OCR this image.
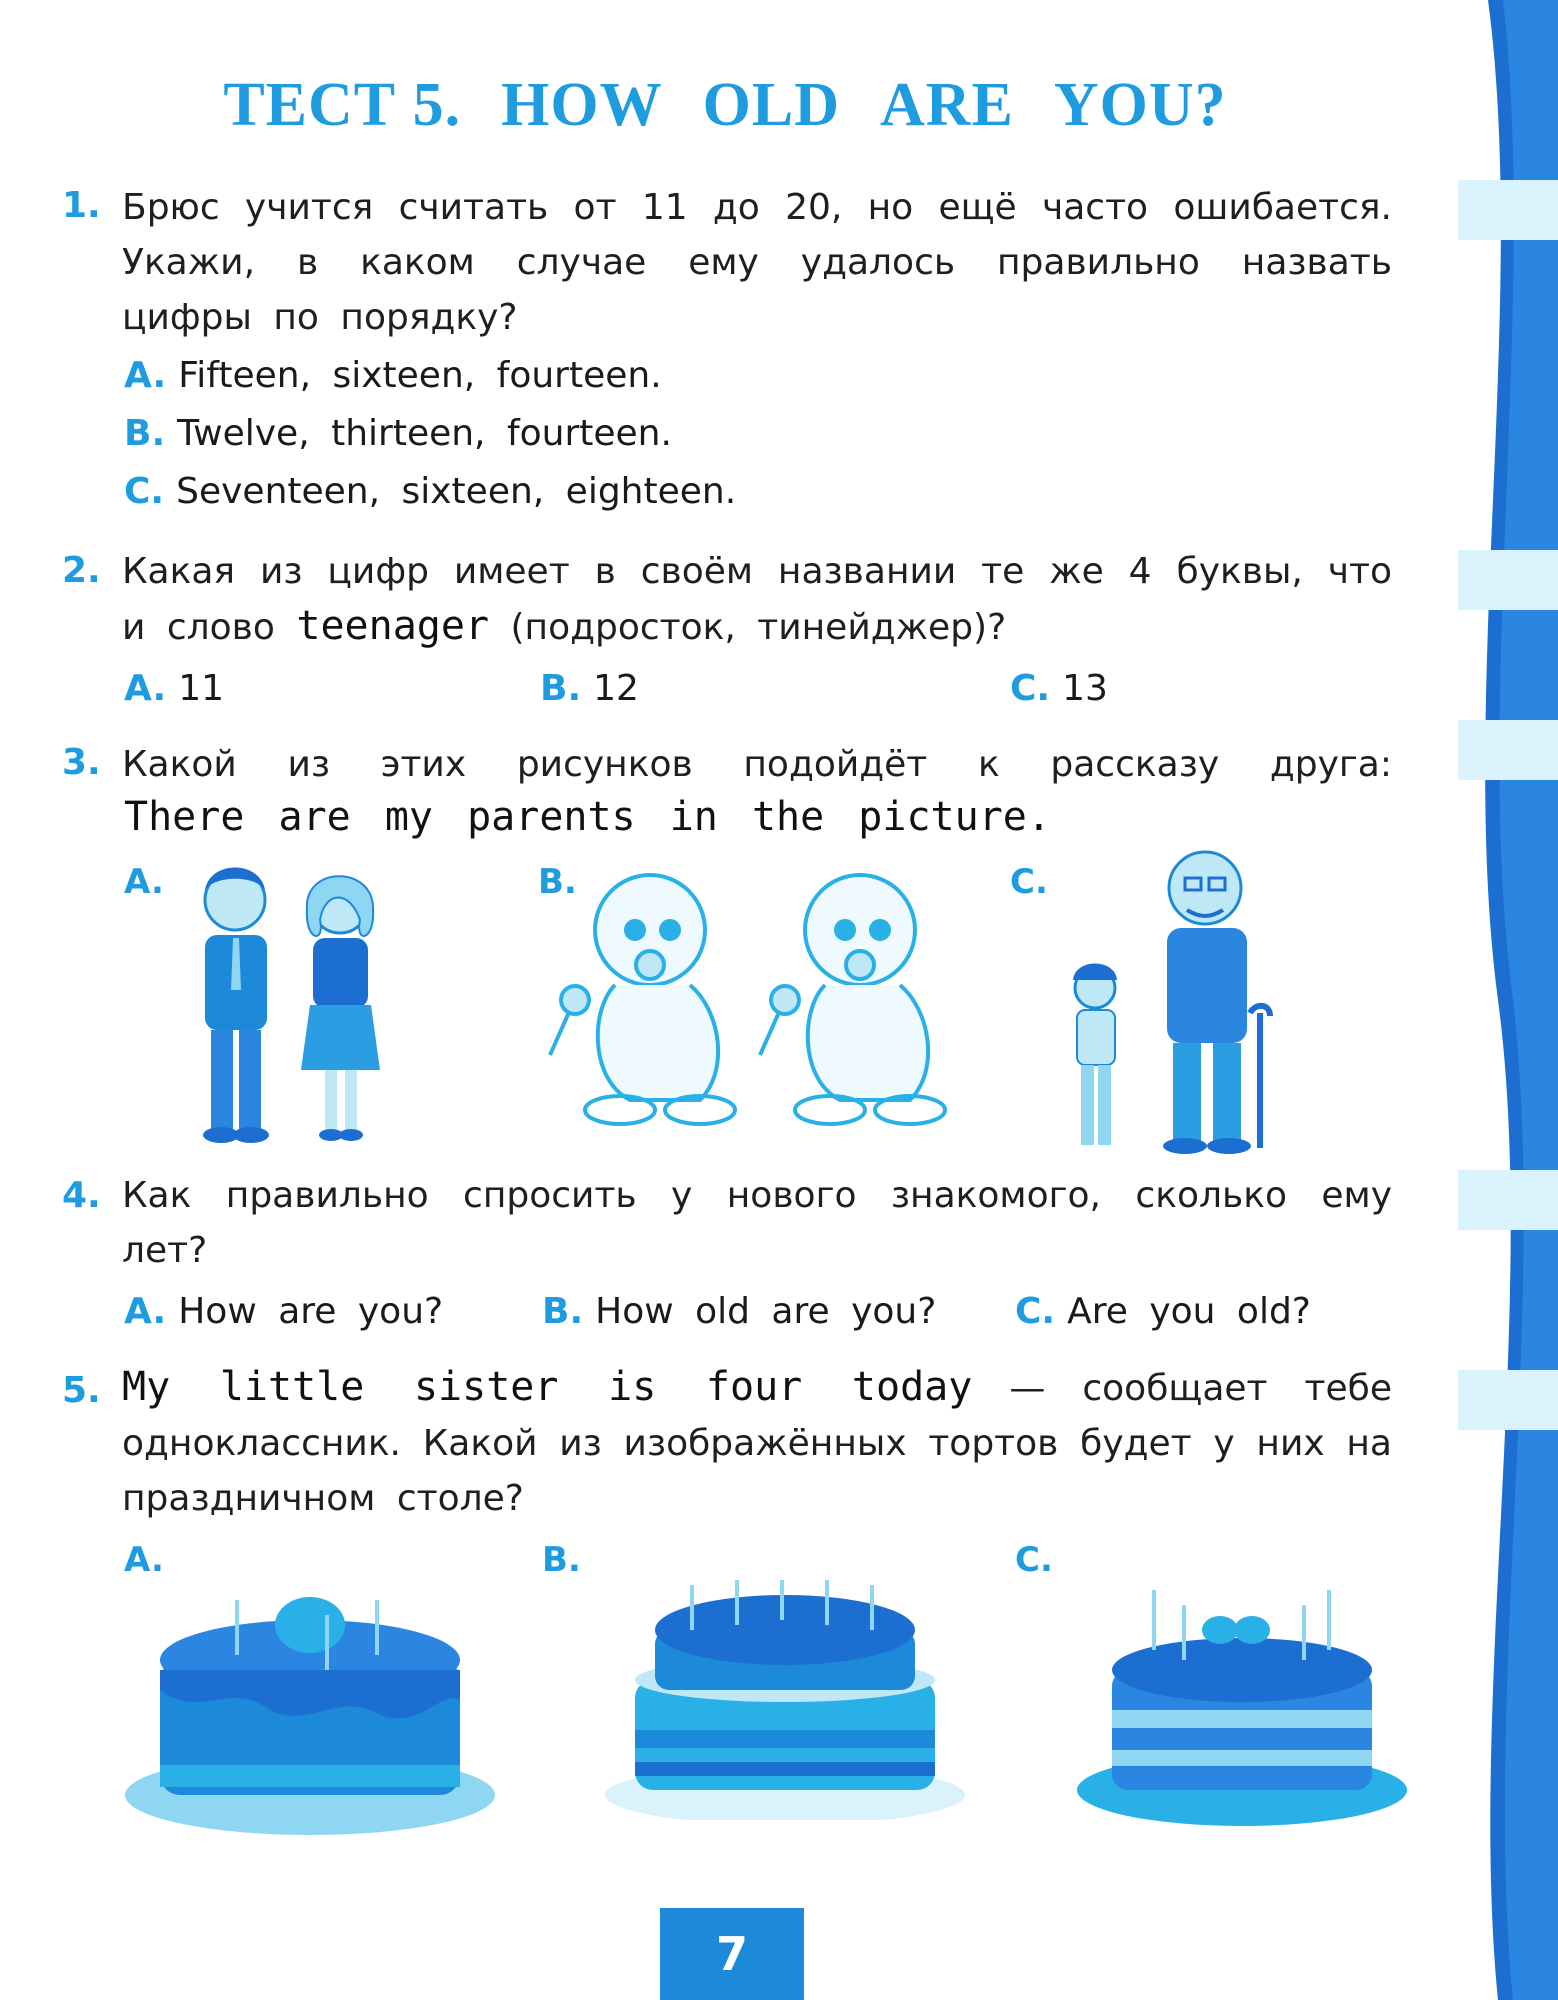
ТЕСТ 5. HOW OLD ARE YOU?
1. Брюс учится считать от 11 до 20, но ещё часто ошибается. Укажи, в каком случае ему удалось правильно назвать цифры по порядку?
A. Fifteen, sixteen, fourteen.
B. Twelve, thirteen, fourteen.
C. Seventeen, sixteen, eighteen.
2. Какая из цифр имеет в своём названии те же 4 буквы, что и слово teenager (подросток, тинейджер)?
A. 11	B. 12	C. 13
3. Какой из этих рисунков подойдёт к рассказу друга:
There are my parents in the picture.
A.	B.	C.
4. Как правильно спросить у нового знакомого, сколько ему лет?
A. How are you?	B. How old are you? C. Are you old?
5. My little sister is four today — сообщает тебе одноклассник. Какой из изображённых тортов будет у них на праздничном столе?
A.	B.	C.
7
